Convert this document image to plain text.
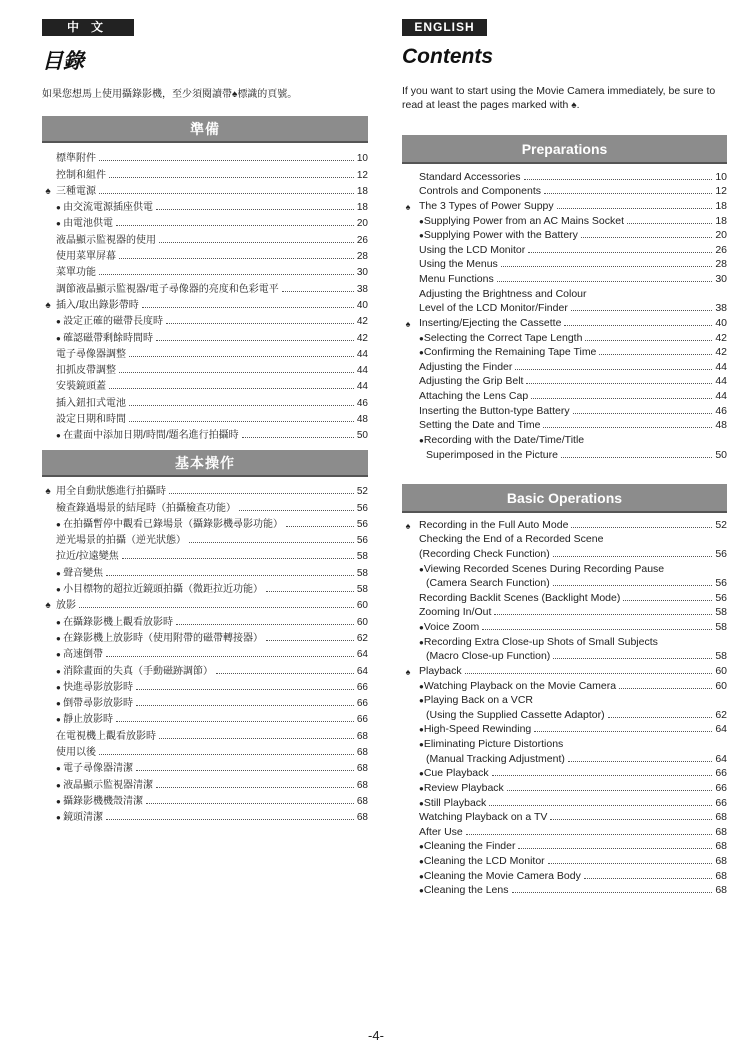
中文
目錄
如果您想馬上使用攝錄影機，至少須閱讀帶♠標識的頁號。
準備
標準附件	10
控制和組件	12
♠ 三種電源	18
● 由交流電源插座供電	18
● 由電池供電	20
液晶顯示監視器的使用	26
使用菜單屏幕	28
菜單功能	30
調節液晶顯示監視器/電子尋像器的亮度和色彩電平	38
♠ 插入/取出錄影帶時	40
● 設定正確的磁帶長度時	42
● 確認磁帶剩餘時間時	42
電子尋像器調整	44
扣抓皮帶調整	44
安裝鏡頭蓋	44
插入鈕扣式電池	46
設定日期和時間	48
● 在畫面中添加日期/時間/題名進行拍攝時	50
基本操作
♠ 用全自動狀態進行拍攝時	52
檢查錄過場景的結尾時（拍攝檢查功能）	56
● 在拍攝暫停中觀看已錄場景（攝錄影機尋影功能）	56
逆光場景的拍攝（逆光狀態）	56
拉近/拉遠變焦	58
● 聲音變焦	58
● 小目標物的超拉近鏡頭拍攝（微距拉近功能）	58
♠ 放影	60
● 在攝錄影機上觀看放影時	60
● 在錄影機上放影時（使用附帶的磁帶轉接器）	62
● 高速倒帶	64
● 消除畫面的失真（手動磁跡調節）	64
● 快進尋影放影時	66
● 倒帶尋影放影時	66
● 靜止放影時	66
在電視機上觀看放影時	68
使用以後	68
● 電子尋像器清潔	68
● 液晶顯示監視器清潔	68
● 攝錄影機機殼清潔	68
● 鏡頭清潔	68
ENGLISH
Contents
If you want to start using the Movie Camera immediately, be sure to read at least the pages marked with ♠.
Preparations
Standard Accessories	10
Controls and Components	12
♠ The 3 Types of Power Suppy	18
● Supplying Power from an AC Mains Socket	18
● Supplying Power with the Battery	20
Using the LCD Monitor	26
Using the Menus	28
Menu Functions	30
Adjusting the Brightness and Colour
Level of the LCD Monitor/Finder	38
♠ Inserting/Ejecting the Cassette	40
● Selecting the Correct Tape Length	42
● Confirming the Remaining Tape Time	42
Adjusting the Finder	44
Adjusting the Grip Belt	44
Attaching the Lens Cap	44
Inserting the Button-type Battery	46
Setting the Date and Time	48
● Recording with the Date/Time/Title
Superimposed in the Picture	50
Basic Operations
♠ Recording in the Full Auto Mode	52
Checking the End of a Recorded Scene
(Recording Check Function)	56
● Viewing Recorded Scenes During Recording Pause
(Camera Search Function)	56
Recording Backlit Scenes (Backlight Mode)	56
Zooming In/Out	58
● Voice Zoom	58
● Recording Extra Close-up Shots of Small Subjects
(Macro Close-up Function)	58
♠ Playback	60
● Watching Playback on the Movie Camera	60
● Playing Back on a VCR
(Using the Supplied Cassette Adaptor)	62
● High-Speed Rewinding	64
● Eliminating Picture Distortions
(Manual Tracking Adjustment)	64
● Cue Playback	66
● Review Playback	66
● Still Playback	66
Watching Playback on a TV	68
After Use	68
● Cleaning the Finder	68
● Cleaning the LCD Monitor	68
● Cleaning the Movie Camera Body	68
● Cleaning the Lens	68
-4-
